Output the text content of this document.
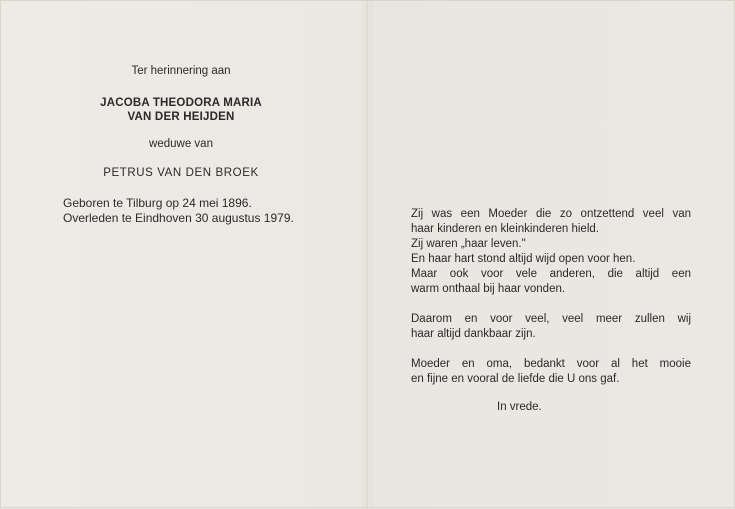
Ter herinnering aan
JACOBA THEODORA MARIA
VAN DER HEIJDEN
weduwe van
PETRUS VAN DEN BROEK
Geboren te Tilburg op 24 mei 1896.
Overleden te Eindhoven 30 augustus 1979.	Zij was een Moeder die zo ontzettend veel van
haar kinderen en kleinkinderen hield.
Zij waren „haar leven."
En haar hart stond altijd wijd open voor hen.
Maar ook voor vele anderen, die altijd een
warm onthaal bij haar vonden.

Daarom en voor veel, veel meer zullen wij
haar altijd dankbaar zijn.

Moeder en oma, bedankt voor al het mooie
en fijne en vooral de liefde die U ons gaf.
In vrede.
